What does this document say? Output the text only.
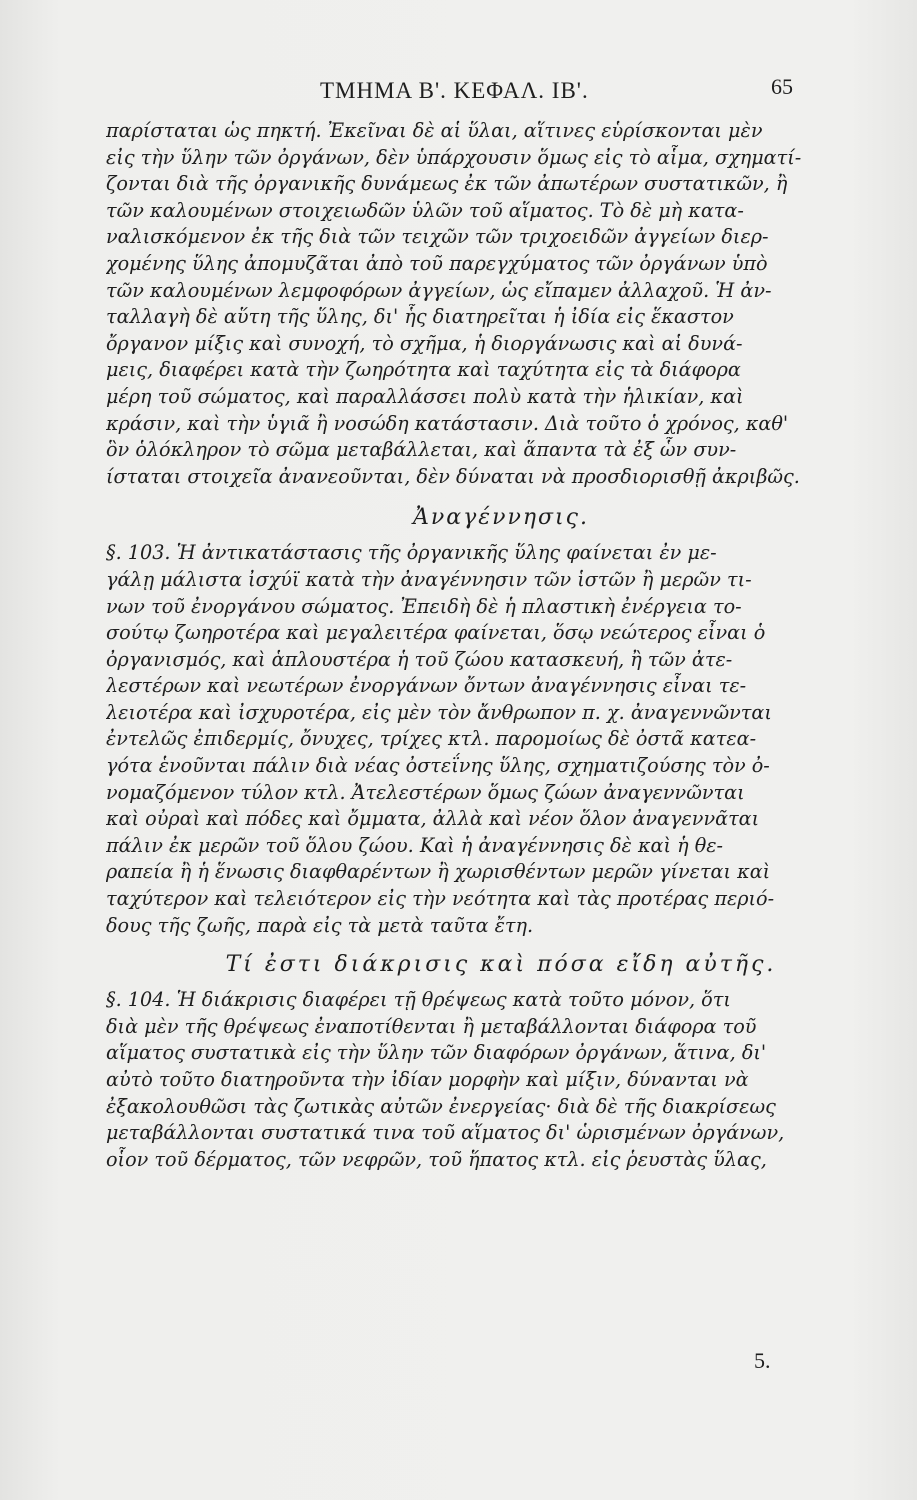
ΤΜΗΜΑ Β'. ΚΕΦΑΛ. ΙΒ'.	65
παρίσταται ὡς πηκτή. Ἐκεῖναι δὲ αἱ ὕλαι, αἵτινες εὑρίσκονται μὲν
εἰς τὴν ὕλην τῶν ὀργάνων, δὲν ὑπάρχουσιν ὅμως εἰς τὸ αἷμα, σχηματί-
ζονται διὰ τῆς ὀργανικῆς δυνάμεως ἐκ τῶν ἀπωτέρων συστατικῶν, ἢ
τῶν καλουμένων στοιχειωδῶν ὑλῶν τοῦ αἵματος. Τὸ δὲ μὴ κατα-
ναλισκόμενον ἐκ τῆς διὰ τῶν τειχῶν τῶν τριχοειδῶν ἀγγείων διερ-
χομένης ὕλης ἀπομυζᾶται ἀπὸ τοῦ παρεγχύματος τῶν ὀργάνων ὑπὸ
τῶν καλουμένων λεμφοφόρων ἀγγείων, ὡς εἴπαμεν ἀλλαχοῦ. Ἡ ἀν-
ταλλαγὴ δὲ αὕτη τῆς ὕλης, δι' ἧς διατηρεῖται ἡ ἰδία εἰς ἕκαστον
ὄργανον μίξις καὶ συνοχή, τὸ σχῆμα, ἡ διοργάνωσις καὶ αἱ δυνά-
μεις, διαφέρει κατὰ τὴν ζωηρότητα καὶ ταχύτητα εἰς τὰ διάφορα
μέρη τοῦ σώματος, καὶ παραλλάσσει πολὺ κατὰ τὴν ἡλικίαν, καὶ
κράσιν, καὶ τὴν ὑγιᾶ ἢ νοσώδη κατάστασιν. Διὰ τοῦτο ὁ χρόνος, καθ'
ὃν ὁλόκληρον τὸ σῶμα μεταβάλλεται, καὶ ἅπαντα τὰ ἐξ ὧν συν-
ίσταται στοιχεῖα ἀνανεοῦνται, δὲν δύναται νὰ προσδιορισθῇ ἀκριβῶς.
Ἀναγέννησις.
§. 103. Ἡ ἀντικατάστασις τῆς ὀργανικῆς ὕλης φαίνεται ἐν με-
γάλῃ μάλιστα ἰσχύϊ κατὰ τὴν ἀναγέννησιν τῶν ἱστῶν ἢ μερῶν τι-
νων τοῦ ἐνοργάνου σώματος. Ἐπειδὴ δὲ ἡ πλαστικὴ ἐνέργεια το-
σούτῳ ζωηροτέρα καὶ μεγαλειτέρα φαίνεται, ὅσῳ νεώτερος εἶναι ὁ
ὀργανισμός, καὶ ἁπλουστέρα ἡ τοῦ ζώου κατασκευή, ἢ τῶν ἀτε-
λεστέρων καὶ νεωτέρων ἐνοργάνων ὄντων ἀναγέννησις εἶναι τε-
λειοτέρα καὶ ἰσχυροτέρα, εἰς μὲν τὸν ἄνθρωπον π. χ. ἀναγεννῶνται
ἐντελῶς ἐπιδερμίς, ὄνυχες, τρίχες κτλ. παρομοίως δὲ ὀστᾶ κατεα-
γότα ἑνοῦνται πάλιν διὰ νέας ὀστεΐνης ὕλης, σχηματιζούσης τὸν ὀ-
νομαζόμενον τύλον κτλ. Ἀτελεστέρων ὅμως ζώων ἀναγεννῶνται
καὶ οὐραὶ καὶ πόδες καὶ ὄμματα, ἀλλὰ καὶ νέον ὅλον ἀναγεννᾶται
πάλιν ἐκ μερῶν τοῦ ὅλου ζώου. Καὶ ἡ ἀναγέννησις δὲ καὶ ἡ θε-
ραπεία ἢ ἡ ἕνωσις διαφθαρέντων ἢ χωρισθέντων μερῶν γίνεται καὶ
ταχύτερον καὶ τελειότερον εἰς τὴν νεότητα καὶ τὰς προτέρας περιό-
δους τῆς ζωῆς, παρὰ εἰς τὰ μετὰ ταῦτα ἔτη.
Τί ἐστι διάκρισις καὶ πόσα εἴδη αὐτῆς.
§. 104. Ἡ διάκρισις διαφέρει τῇ θρέψεως κατὰ τοῦτο μόνον, ὅτι
διὰ μὲν τῆς θρέψεως ἐναποτίθενται ἢ μεταβάλλονται διάφορα τοῦ
αἵματος συστατικὰ εἰς τὴν ὕλην τῶν διαφόρων ὀργάνων, ἅτινα, δι'
αὐτὸ τοῦτο διατηροῦντα τὴν ἰδίαν μορφὴν καὶ μίξιν, δύνανται νὰ
ἐξακολουθῶσι τὰς ζωτικὰς αὐτῶν ἐνεργείας· διὰ δὲ τῆς διακρίσεως
μεταβάλλονται συστατικά τινα τοῦ αἵματος δι' ὡρισμένων ὀργάνων,
οἷον τοῦ δέρματος, τῶν νεφρῶν, τοῦ ἥπατος κτλ. εἰς ῥευστὰς ὕλας,
5.
